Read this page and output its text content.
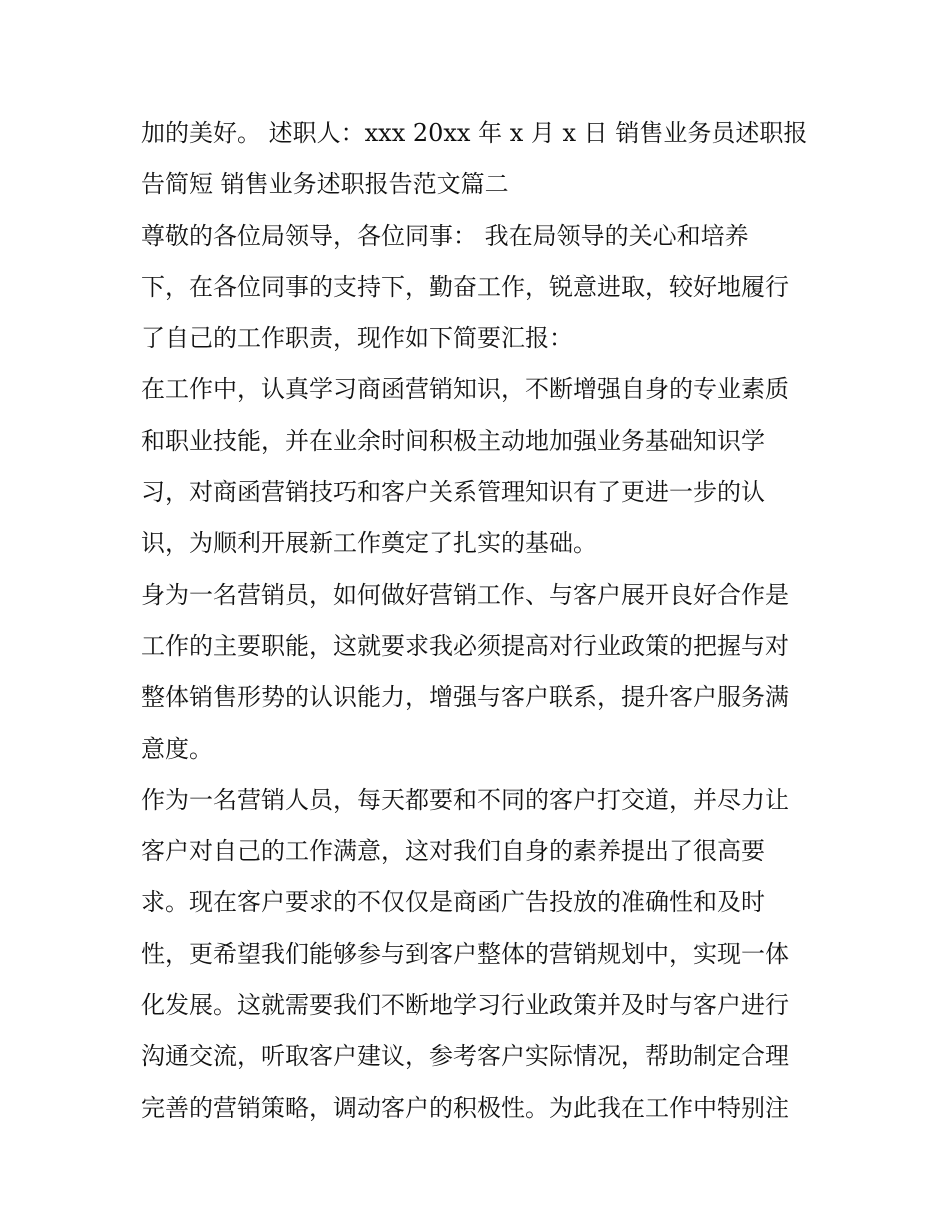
加的美好。 述职人：xxx 20xx 年 x 月 x 日 销售业务员述职报
告简短 销售业务述职报告范文篇二
尊敬的各位局领导，各位同事： 我在局领导的关心和培养
下，在各位同事的支持下，勤奋工作，锐意进取，较好地履行
了自己的工作职责，现作如下简要汇报：
在工作中，认真学习商函营销知识，不断增强自身的专业素质
和职业技能，并在业余时间积极主动地加强业务基础知识学
习，对商函营销技巧和客户关系管理知识有了更进一步的认
识，为顺利开展新工作奠定了扎实的基础。
身为一名营销员，如何做好营销工作、与客户展开良好合作是
工作的主要职能，这就要求我必须提高对行业政策的把握与对
整体销售形势的认识能力，增强与客户联系，提升客户服务满
意度。
作为一名营销人员，每天都要和不同的客户打交道，并尽力让
客户对自己的工作满意，这对我们自身的素养提出了很高要
求。现在客户要求的不仅仅是商函广告投放的准确性和及时
性，更希望我们能够参与到客户整体的营销规划中，实现一体
化发展。这就需要我们不断地学习行业政策并及时与客户进行
沟通交流，听取客户建议，参考客户实际情况，帮助制定合理
完善的营销策略，调动客户的积极性。为此我在工作中特别注
